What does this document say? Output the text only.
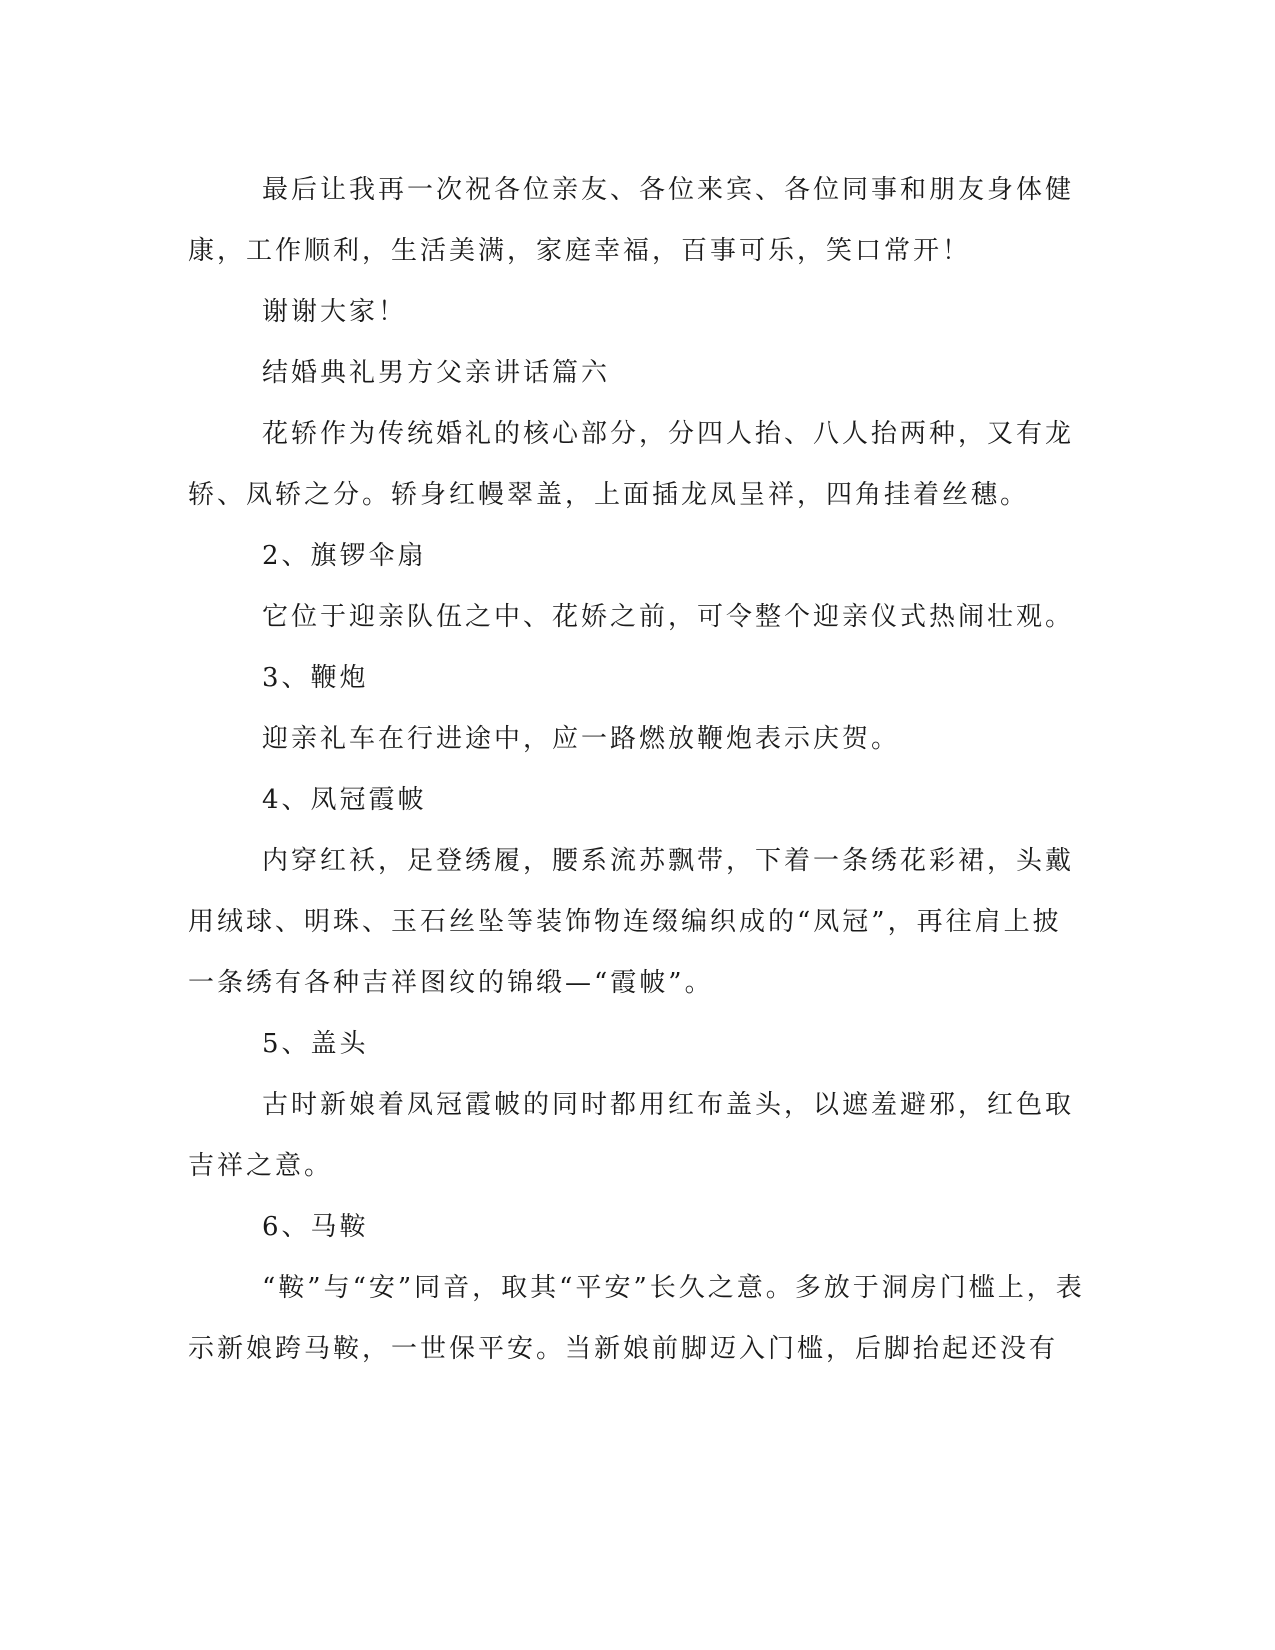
最后让我再一次祝各位亲友、各位来宾、各位同事和朋友身体健
康，工作顺利，生活美满，家庭幸福，百事可乐，笑口常开！
谢谢大家！
结婚典礼男方父亲讲话篇六
花轿作为传统婚礼的核心部分，分四人抬、八人抬两种，又有龙
轿、凤轿之分。轿身红幔翠盖，上面插龙凤呈祥，四角挂着丝穗。
2、旗锣伞扇
它位于迎亲队伍之中、花娇之前，可令整个迎亲仪式热闹壮观。
3、鞭炮
迎亲礼车在行进途中，应一路燃放鞭炮表示庆贺。
4、凤冠霞帔
内穿红袄，足登绣履，腰系流苏飘带，下着一条绣花彩裙，头戴
用绒球、明珠、玉石丝坠等装饰物连缀编织成的“凤冠”，再往肩上披
一条绣有各种吉祥图纹的锦缎—“霞帔”。
5、盖头
古时新娘着凤冠霞帔的同时都用红布盖头，以遮羞避邪，红色取
吉祥之意。
6、马鞍
“鞍”与“安”同音，取其“平安”长久之意。多放于洞房门槛上，表
示新娘跨马鞍，一世保平安。当新娘前脚迈入门槛，后脚抬起还没有
